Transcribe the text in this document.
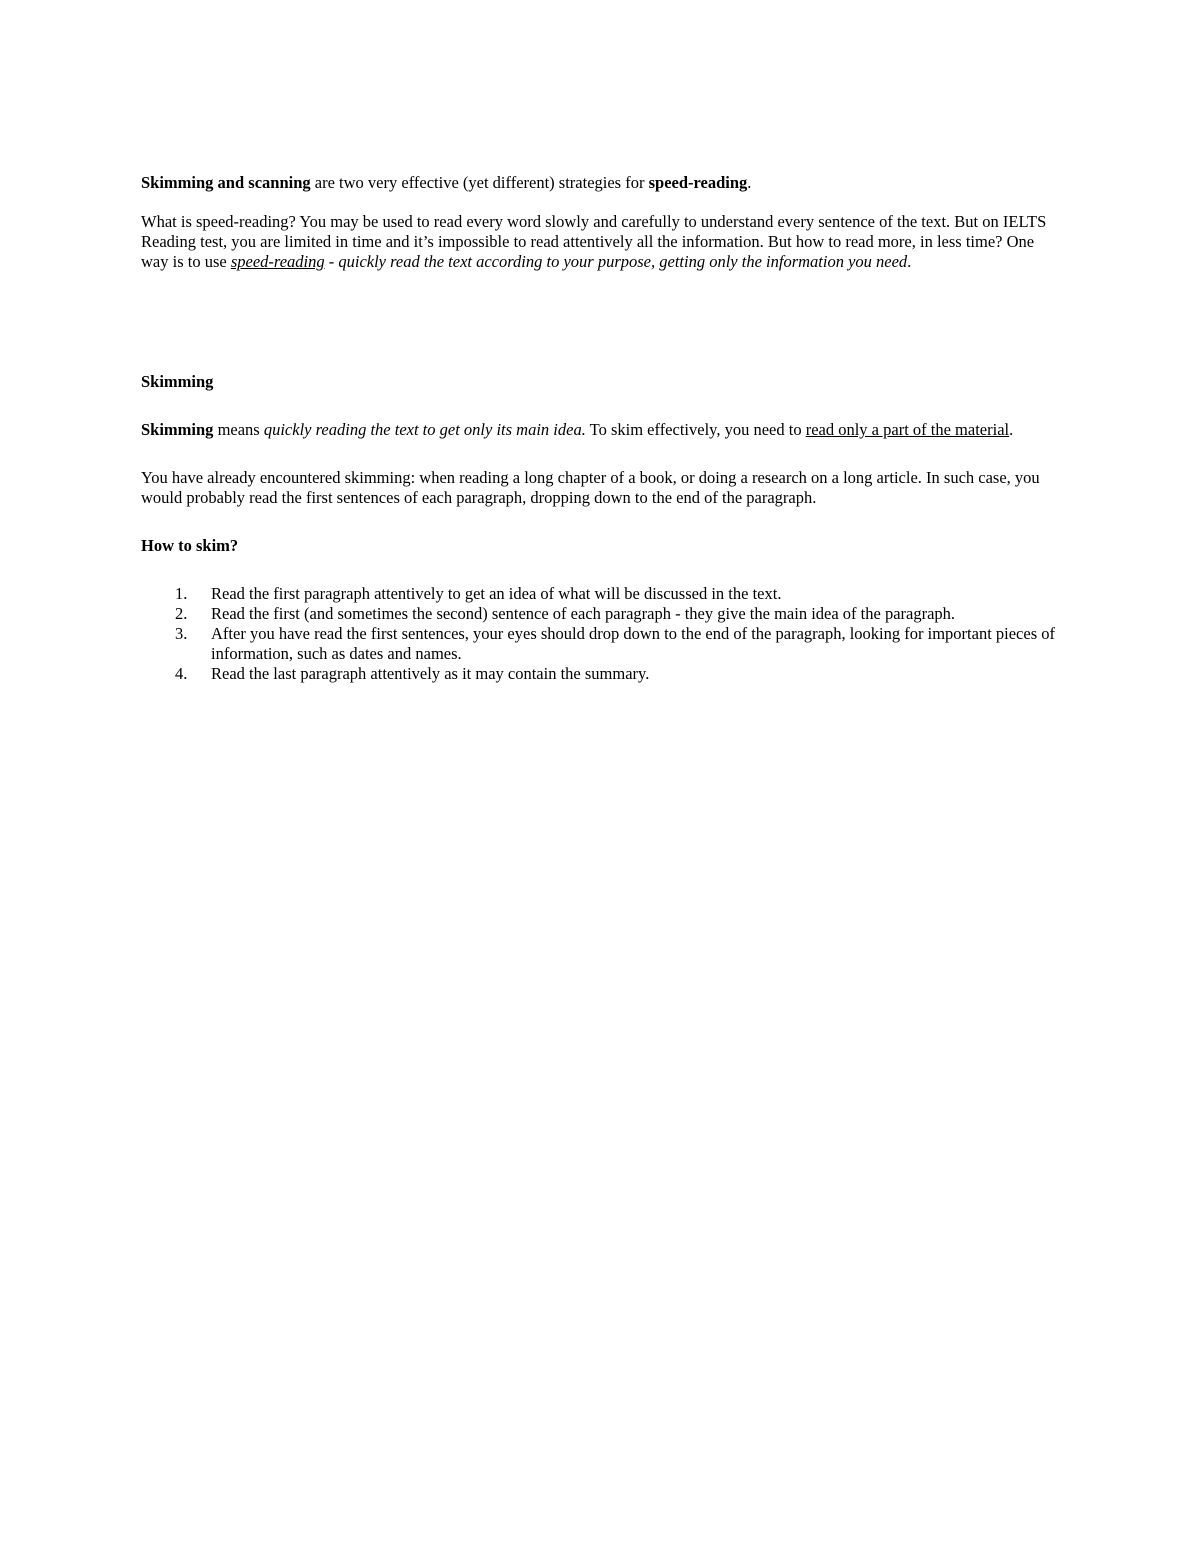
Skimming and scanning are two very effective (yet different) strategies for speed-reading.

What is speed-reading? You may be used to read every word slowly and carefully to understand every sentence of the text. But on IELTS Reading test, you are limited in time and it’s impossible to read attentively all the information. But how to read more, in less time? One way is to use speed-reading - quickly read the text according to your purpose, getting only the information you need.

Skimming

Skimming means quickly reading the text to get only its main idea. To skim effectively, you need to read only a part of the material.

You have already encountered skimming: when reading a long chapter of a book, or doing a research on a long article. In such case, you would probably read the first sentences of each paragraph, dropping down to the end of the paragraph.

How to skim?

1. Read the first paragraph attentively to get an idea of what will be discussed in the text.
2. Read the first (and sometimes the second) sentence of each paragraph - they give the main idea of the paragraph.
3. After you have read the first sentences, your eyes should drop down to the end of the paragraph, looking for important pieces of information, such as dates and names.
4. Read the last paragraph attentively as it may contain the summary.
